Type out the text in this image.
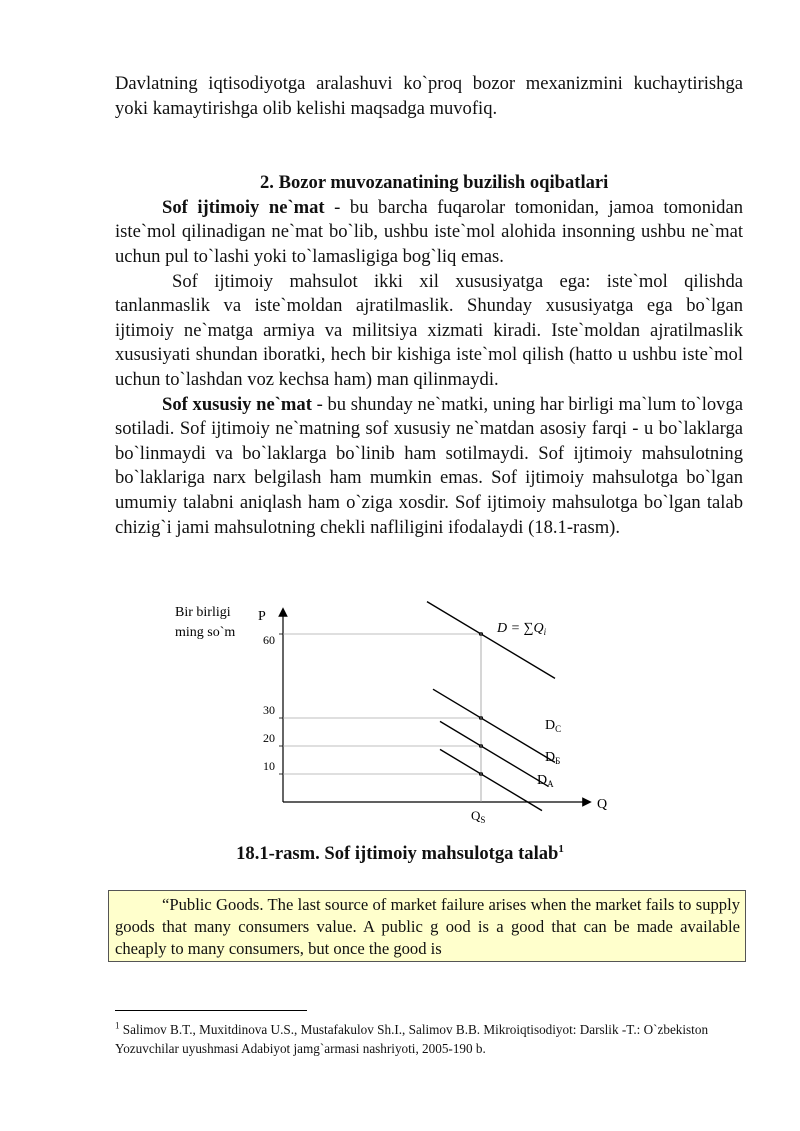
Davlatning iqtisodiyotga aralashuvi ko`proq bozor mexanizmini kuchaytirishga yoki kamaytirishga olib kelishi maqsadga muvofiq.

2. Bozor muvozanatining buzilish oqibatlari

Sof ijtimoiy ne`mat - bu barcha fuqarolar tomonidan, jamoa tomonidan iste`mol qilinadigan ne`mat bo`lib, ushbu iste`mol alohida insonning ushbu ne`mat uchun pul to`lashi yoki to`lamasligiga bog`liq emas.

Sof ijtimoiy mahsulot ikki xil xususiyatga ega: iste`mol qilishda tanlanmaslik va iste`moldan ajratilmaslik. Shunday xususiyatga ega bo`lgan ijtimoiy ne`matga armiya va militsiya xizmati kiradi. Iste`moldan ajratilmaslik xususiyati shundan iboratki, hech bir kishiga iste`mol qilish (hatto u ushbu iste`mol uchun to`lashdan voz kechsa ham) man qilinmaydi.

Sof xususiy ne`mat - bu shunday ne`matki, uning har birligi ma`lum to`lovga sotiladi. Sof ijtimoiy ne`matning sof xususiy ne`matdan asosiy farqi - u bo`laklarga bo`linmaydi va bo`laklarga bo`linib ham sotilmaydi. Sof ijtimoiy mahsulotning bo`laklariga narx belgilash ham mumkin emas. Sof ijtimoiy mahsulotga bo`lgan umumiy talabni aniqlash ham o`ziga xosdir. Sof ijtimoiy mahsulotga bo`lgan talab chizig`i jami mahsulotning chekli nafliligini ifodalaydi (18.1-rasm).

Bir birligi
ming so`m
P
Q
10
20
30
60
$D = \sum Q_i$
$D_C$
$D_Б$
$D_A$
$Q_S$
18.1-rasm. Sof ijtimoiy mahsulotga talab$^1$

“Public Goods. The last source of market failure arises when the market fails to supply goods that many consumers value. A public g ood is a good that can be made available cheaply to many consumers, but once the good is

$^1$ Salimov B.T., Muxitdinova U.S., Mustafakulov Sh.I., Salimov B.B. Mikroiqtisodiyot: Darslik -T.: O`zbekiston Yozuvchilar uyushmasi Adabiyot jamg`armasi nashriyoti, 2005-190 b.
